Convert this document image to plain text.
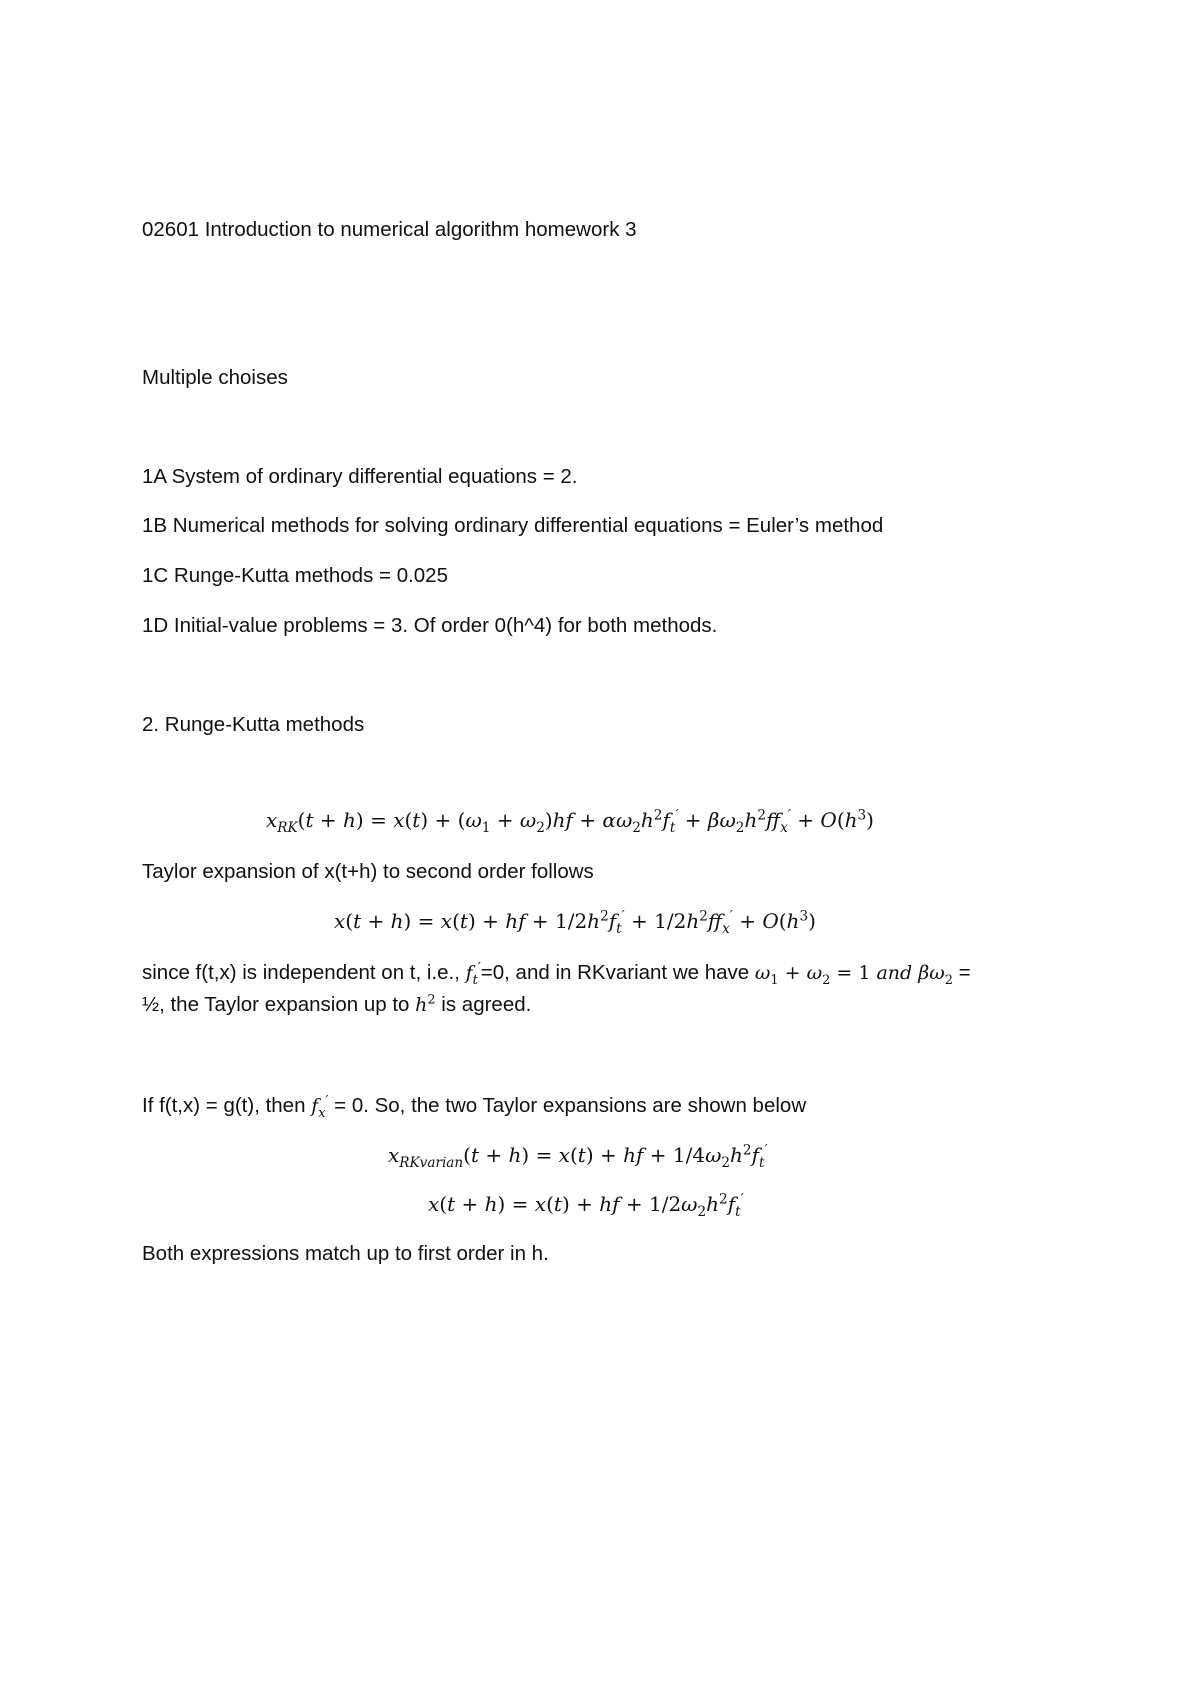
02601 Introduction to numerical algorithm homework 3
Multiple choises
1A System of ordinary differential equations = 2.
1B Numerical methods for solving ordinary differential equations = Euler’s method
1C Runge-Kutta methods = 0.025
1D Initial-value problems = 3. Of order 0(h^4) for both methods.
2. Runge-Kutta methods
$x_{RK}(t + h) = x(t) + (\omega_1 + \omega_2)hf + \alpha\omega_2h^2f_t' + \beta\omega_2h^2ff_x' + O(h^3)$
Taylor expansion of x(t+h) to second order follows
x(t + h) = x(t) + hf + $1/2h^2f_t' + 1/2h^2ff_x' + O(h^3)$
since f(t,x) is independent on t, i.e., $f_t'=0$, and in RKvariant we have $\omega_1 + \omega_2 = 1$ and $\beta\omega_2$ =
½, the Taylor expansion up to $h^2$ is agreed.
If f(t,x) = g(t), then $f_x' = 0$. So, the two Taylor expansions are shown below
$x_{RKvarian}(t + h) = x(t)$ + hf + $1/4\omega_2h^2f_t'$
x(t + h) = x(t) + hf + $1/2\omega_2h^2f_t'$
Both expressions match up to first order in h.
